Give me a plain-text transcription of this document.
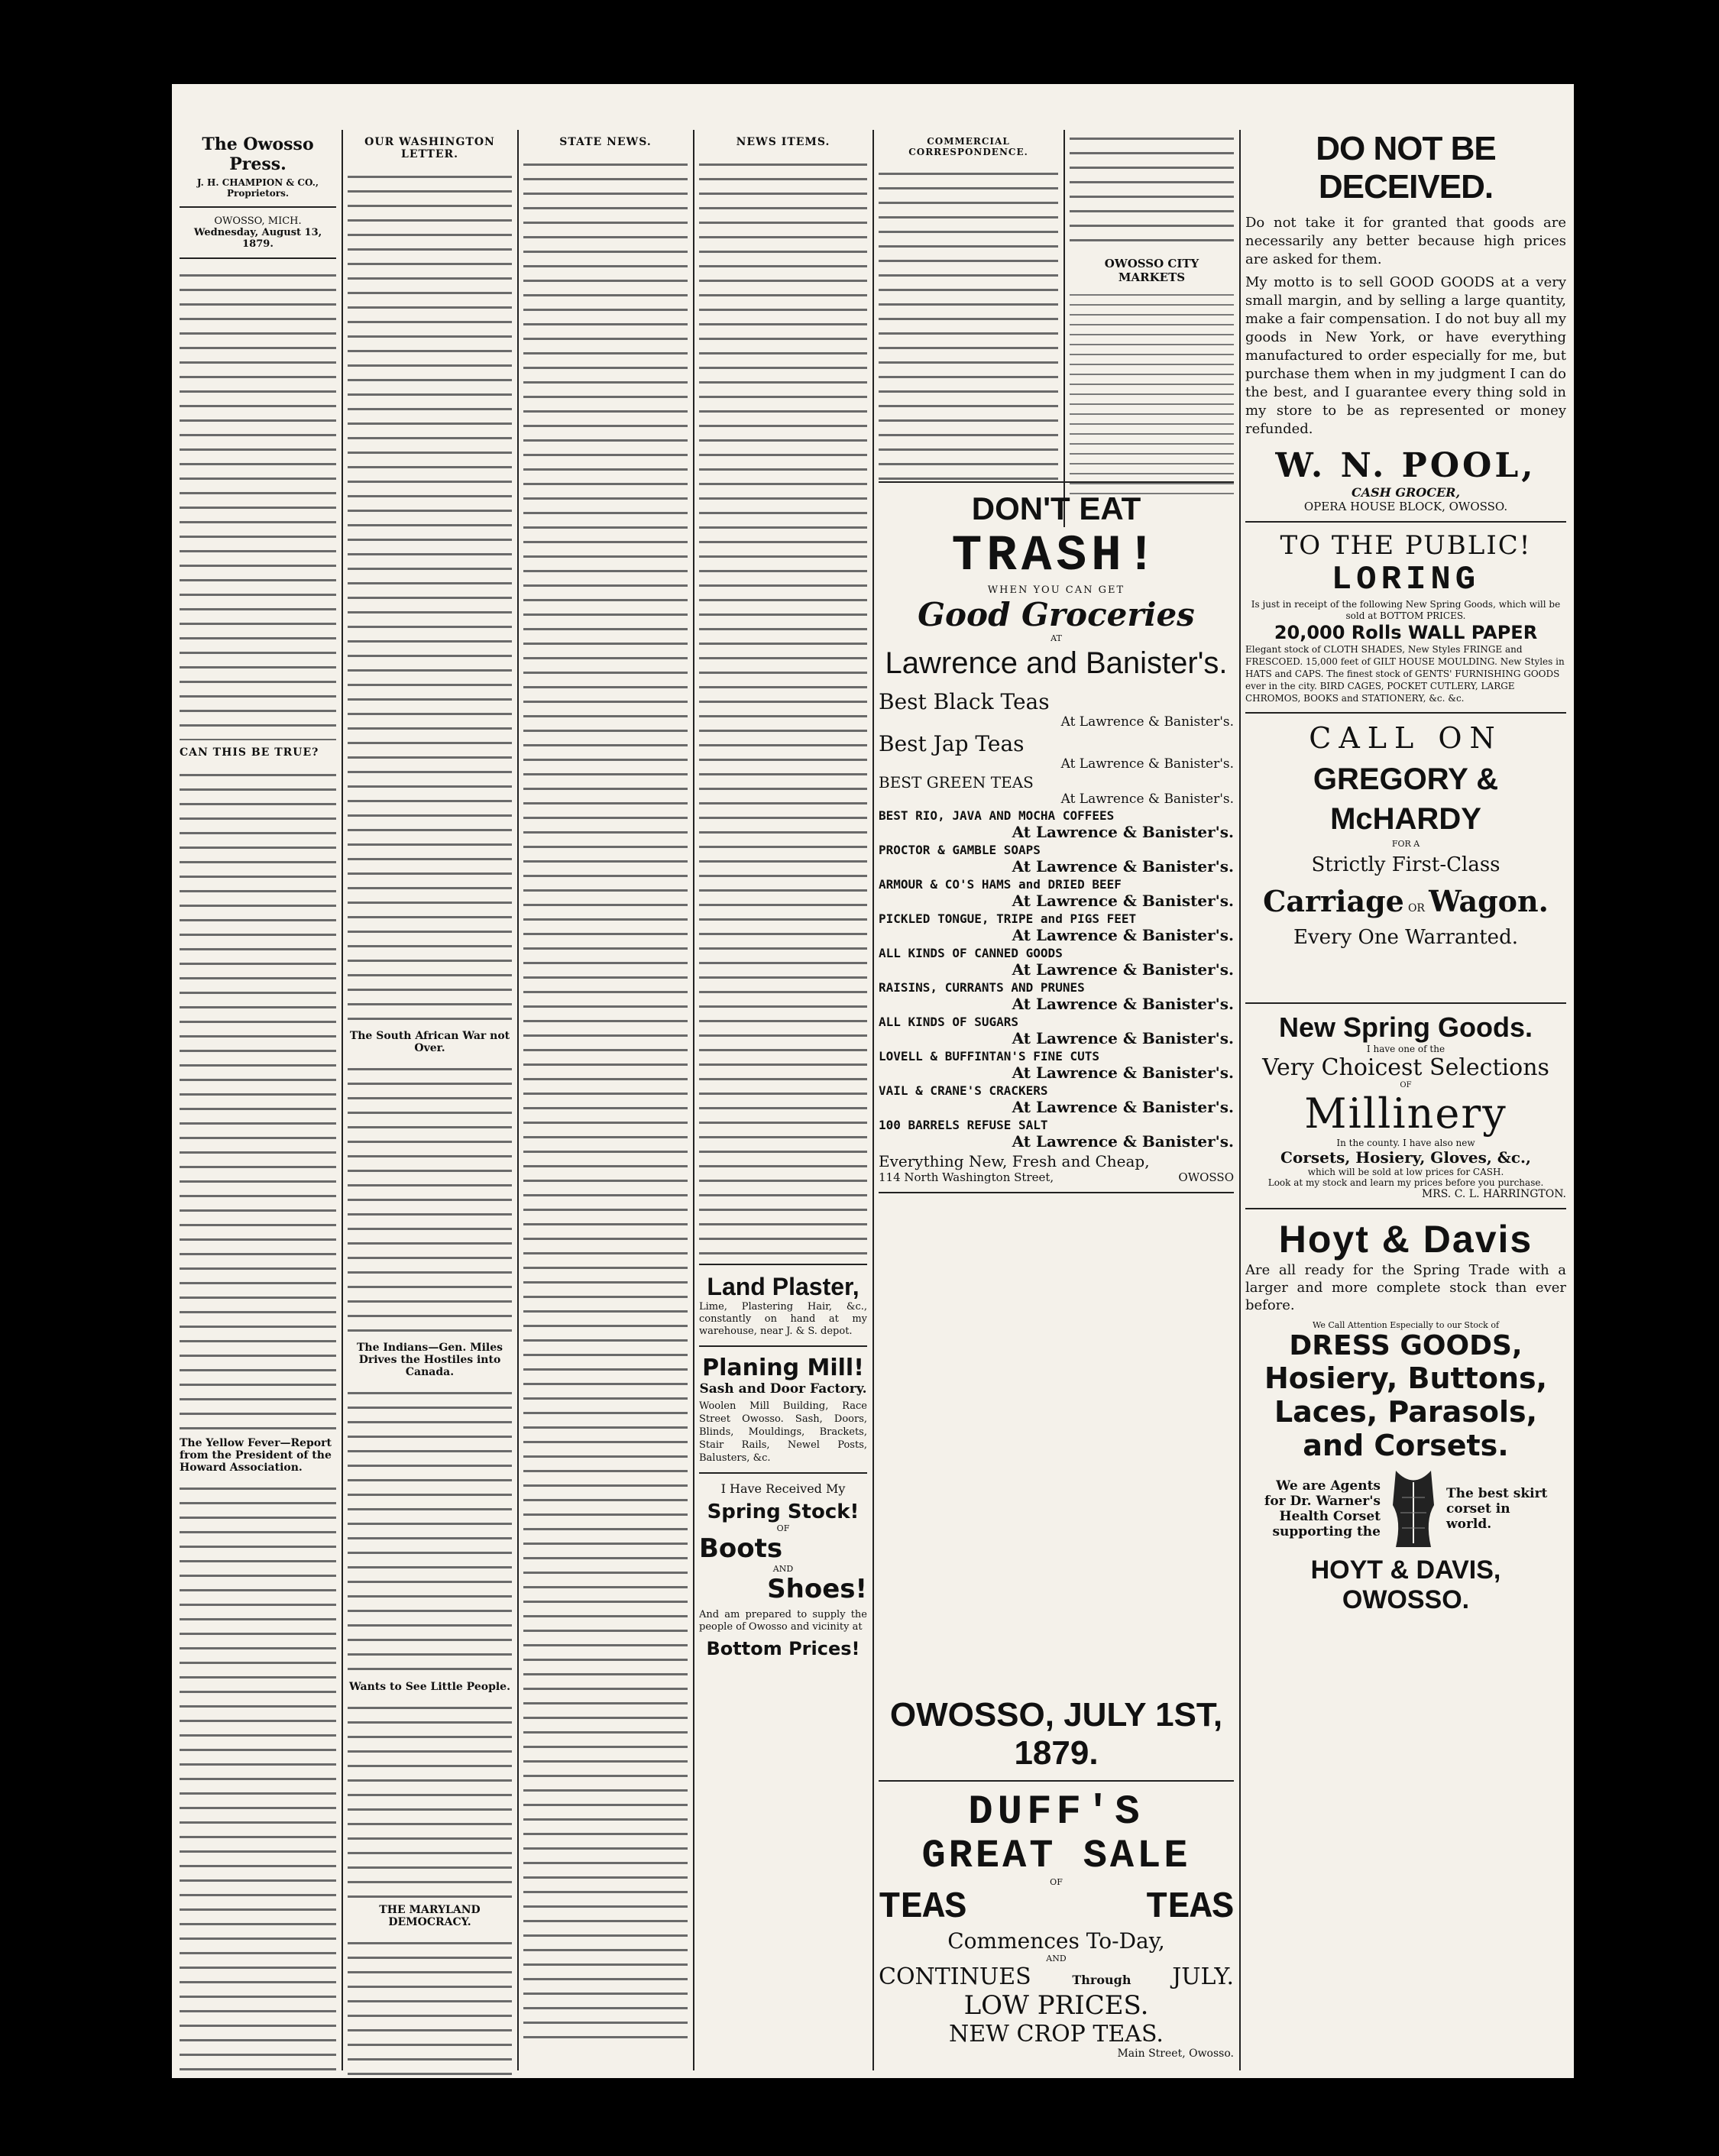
The Owosso Press.
J. H. CHAMPION & CO., Proprietors.
OWOSSO, MICH.
Wednesday, August 13, 1879.
CAN THIS BE TRUE?
The Yellow Fever—Report from the President of the Howard Association.
OUR WASHINGTON LETTER.
The South African War not Over.
The Indians—Gen. Miles Drives the Hostiles into Canada.
Wants to See Little People.
THE MARYLAND DEMOCRACY.
STATE NEWS.	NEWS ITEMS.
Land Plaster,
Lime, Plastering Hair, &c., constantly on hand at my warehouse, near J. & S. depot.
Planing Mill!
Sash and Door Factory.
Woolen Mill Building, Race Street Owosso. Sash, Doors, Blinds, Mouldings, Brackets, Stair Rails, Newel Posts, Balusters, &c.
I Have Received My
Spring Stock!
OF
Boots
AND
Shoes!
And am prepared to supply the people of Owosso and vicinity at
Bottom Prices!
COMMERCIAL CORRESPONDENCE.
OWOSSO CITY MARKETS
DON'T EAT
TRASH!
WHEN YOU CAN GET
Good Groceries
AT
Lawrence and Banister's.
Best Black Teas
At Lawrence & Banister's.
Best Jap Teas
At Lawrence & Banister's.
BEST GREEN TEAS
At Lawrence & Banister's.
BEST RIO, JAVA AND MOCHA COFFEES
At Lawrence & Banister's.
PROCTOR & GAMBLE SOAPS
At Lawrence & Banister's.
ARMOUR & CO'S HAMS and DRIED BEEF
At Lawrence & Banister's.
PICKLED TONGUE, TRIPE and PIGS FEET
At Lawrence & Banister's.
ALL KINDS OF CANNED GOODS
At Lawrence & Banister's.
RAISINS, CURRANTS AND PRUNES
At Lawrence & Banister's.
ALL KINDS OF SUGARS
At Lawrence & Banister's.
LOVELL & BUFFINTAN'S FINE CUTS
At Lawrence & Banister's.
VAIL & CRANE'S CRACKERS
At Lawrence & Banister's.
100 BARRELS REFUSE SALT
At Lawrence & Banister's.
Everything New, Fresh and Cheap,
114 North Washington Street,	OWOSSO
OWOSSO, JULY 1ST, 1879.
DUFF'S
GREAT SALE
OF
TEAS	TEAS
Commences To-Day,
AND
CONTINUES	Through JULY.
LOW PRICES.
NEW CROP TEAS.
Main Street, Owosso.
DO NOT BE DECEIVED.
Do not take it for granted that goods are necessarily any better because high prices are asked for them.
My motto is to sell GOOD GOODS at a very small margin, and by selling a large quantity, make a fair compensation. I do not buy all my goods in New York, or have everything manufactured to order especially for me, but purchase them when in my judgment I can do the best, and I guarantee every thing sold in my store to be as represented or money refunded.
W. N. POOL,
CASH GROCER,
OPERA HOUSE BLOCK, OWOSSO.
TO THE PUBLIC!
LORING
Is just in receipt of the following New Spring Goods, which will be sold at BOTTOM PRICES.
20,000 Rolls WALL PAPER
Elegant stock of CLOTH SHADES, New Styles FRINGE and FRESCOED. 15,000 feet of GILT HOUSE MOULDING. New Styles in HATS and CAPS. The finest stock of GENTS' FURNISHING GOODS ever in the city. BIRD CAGES, POCKET CUTLERY, LARGE CHROMOS, BOOKS and STATIONERY, &c. &c.
CALL ON
GREGORY & McHARDY
FOR A
Strictly First-Class
Carriage OR Wagon.
Every One Warranted.
New Spring Goods.
I have one of the
Very Choicest Selections
OF
Millinery
In the county. I have also new
Corsets, Hosiery, Gloves, &c.,
which will be sold at low prices for CASH.
Look at my stock and learn my prices before you purchase.
MRS. C. L. HARRINGTON.
Hoyt & Davis
Are all ready for the Spring Trade with a larger and more complete stock than ever before.
We Call Attention Especially to our Stock of
DRESS GOODS,
Hosiery, Buttons,
Laces, Parasols,
and Corsets.
We are Agents for Dr. Warner's Health Corset supporting the
The best skirt corset in world.
HOYT & DAVIS, OWOSSO.
